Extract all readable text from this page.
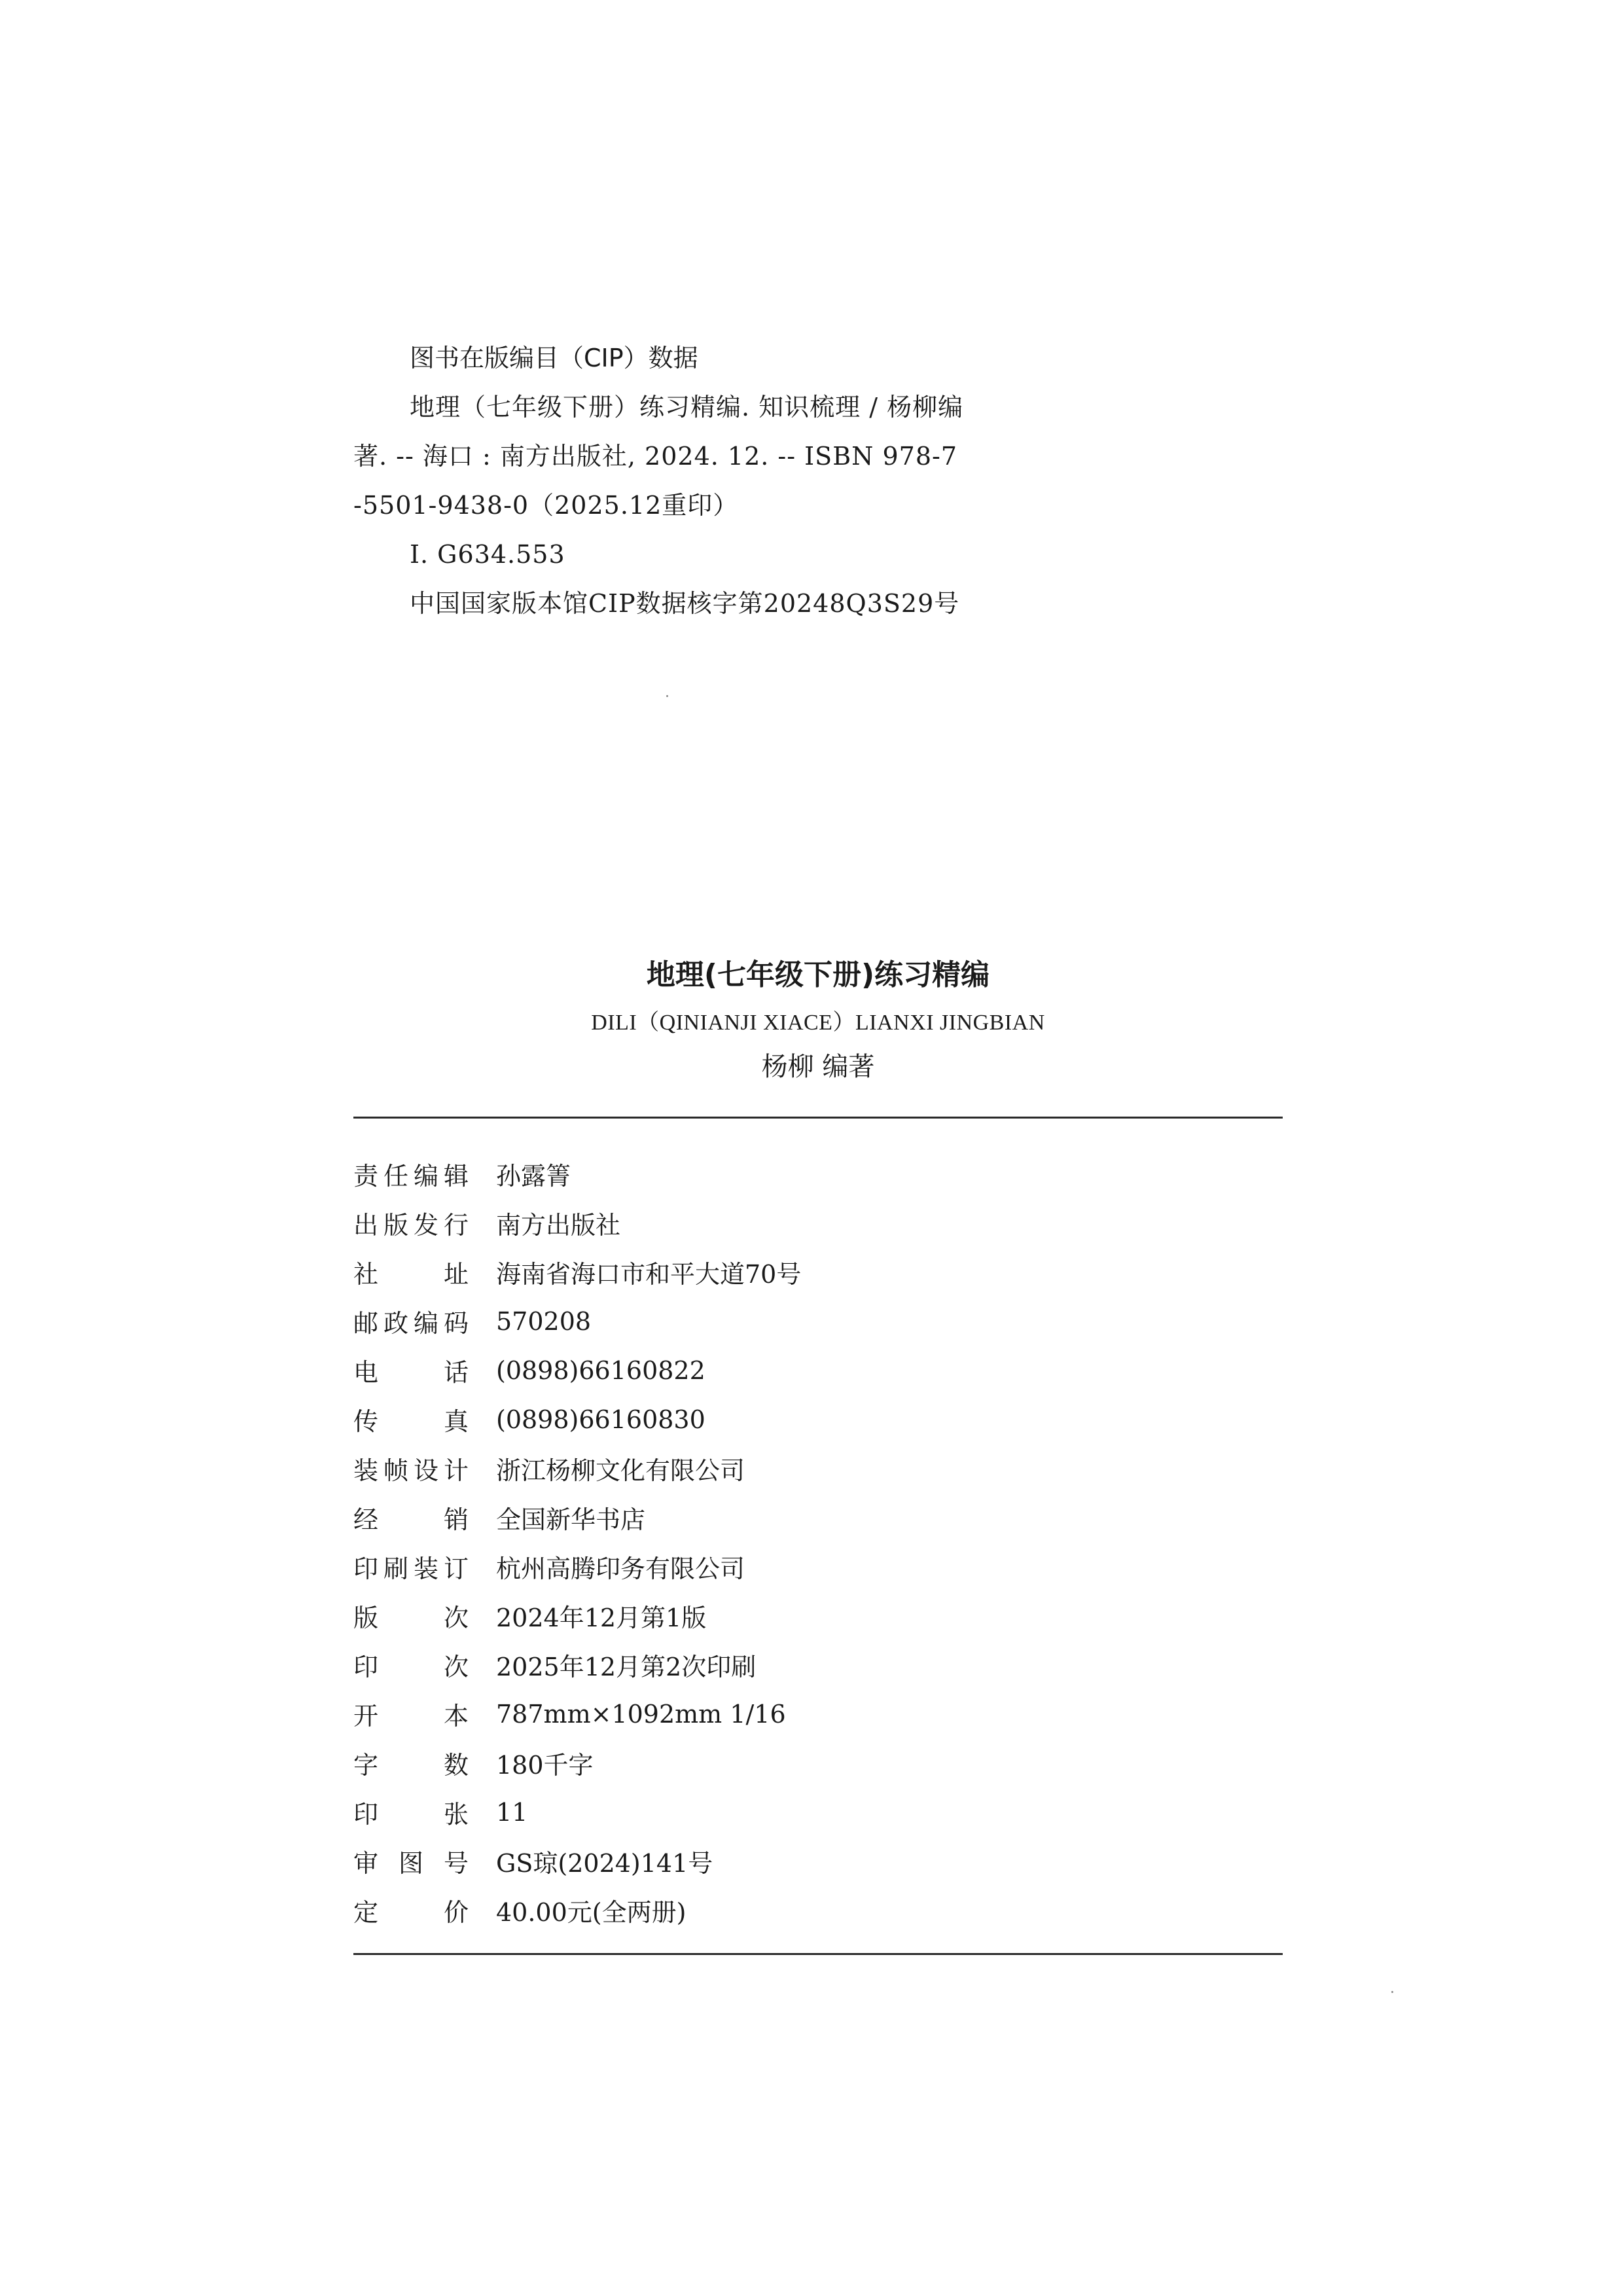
图书在版编目（CIP）数据

地理（七年级下册）练习精编. 知识梳理 / 杨柳编

著. -- 海口 : 南方出版社, 2024. 12. -- ISBN 978-7

-5501-9438-0（2025.12重印）

Ⅰ. G634.553

中国国家版本馆CIP数据核字第20248Q3S29号

地理(七年级下册)练习精编
DILI（QINIANJI XIACE）LIANXI JINGBIAN
杨柳 编著
责 任 编 辑 孙露箐
出 版 发 行 南方出版社
社	址 海南省海口市和平大道70号
邮 政 编 码 570208
电	话 (0898)66160822
传	真 (0898)66160830
装 帧 设 计 浙江杨柳文化有限公司
经	销 全国新华书店
印 刷 装 订 杭州高腾印务有限公司
版	次 2024年12月第1版
印	次 2025年12月第2次印刷
开	本 787mm×1092mm 1/16
字	数 180千字
印	张 11
审 图 号 GS琼(2024)141号
定	价 40.00元(全两册)
